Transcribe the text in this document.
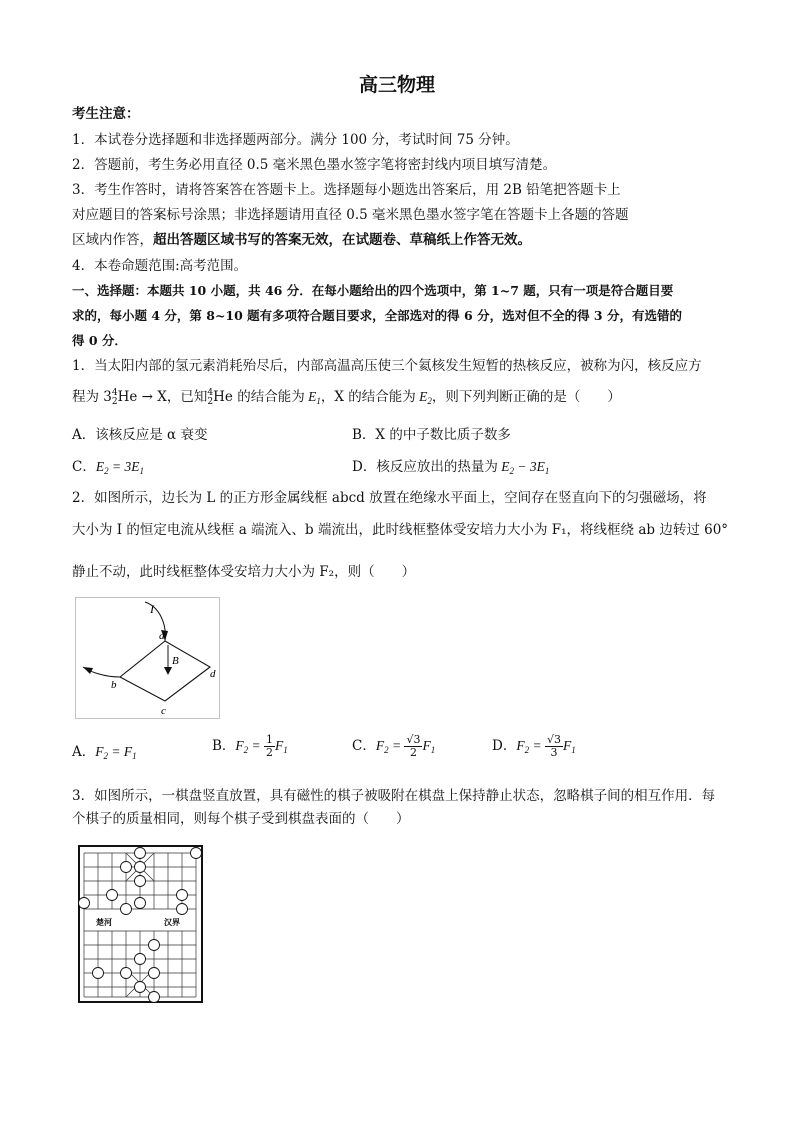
高三物理
考生注意：
1．本试卷分选择题和非选择题两部分。满分 100 分，考试时间 75 分钟。
2．答题前，考生务必用直径 0.5 毫米黑色墨水签字笔将密封线内项目填写清楚。
3．考生作答时，请将答案答在答题卡上。选择题每小题选出答案后，用 2B 铅笔把答题卡上
对应题目的答案标号涂黑；非选择题请用直径 0.5 毫米黑色墨水签字笔在答题卡上各题的答题
区域内作答，超出答题区域书写的答案无效，在试题卷、草稿纸上作答无效。
4．本卷命题范围:高考范围。
一、选择题：本题共 10 小题，共 46 分．在每小题给出的四个选项中，第 1~7 题，只有一项是符合题目要
求的，每小题 4 分，第 8~10 题有多项符合题目要求，全部选对的得 6 分，选对但不全的得 3 分，有选错的
得 0 分．
1．当太阳内部的氢元素消耗殆尽后，内部高温高压使三个氦核发生短暂的热核反应，被称为闪，核反应方
程为 3 4
2 He → X，已知 4
2 He 的结合能为 $E_1$，X 的结合能为 $E_2$，则下列判断正确的是（　　）
A．该核反应是 α 衰变	B．X 的中子数比质子数多
C．$E_2 = 3E_1$	D．核反应放出的热量为 $E_2 - 3E_1$
2．如图所示，边长为 L 的正方形金属线框 abcd 放置在绝缘水平面上，空间存在竖直向下的匀强磁场，将
大小为 I 的恒定电流从线框 a 端流入、b 端流出，此时线框整体受安培力大小为 F₁，将线框绕 ab 边转过 60°
静止不动，此时线框整体受安培力大小为 F₂，则（　　）
I
a
B
b
c
d
A．$F_2 = F_1$
B．$F_2 = \frac{1}{2} F_1$	C．$F_2 = \frac{√3}{2} F_1$	D．$F_2 = \frac{√3}{3} F_1$
3．如图所示，一棋盘竖直放置，具有磁性的棋子被吸附在棋盘上保持静止状态，忽略棋子间的相互作用．每
个棋子的质量相同，则每个棋子受到棋盘表面的（　　）
楚河	汉界
